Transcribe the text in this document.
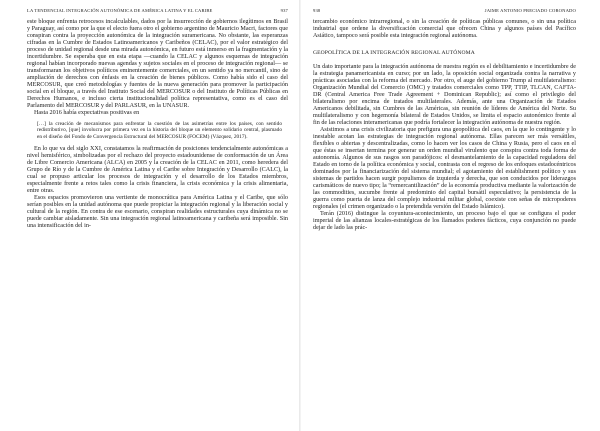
LA TENDENCIAL INTEGRACIÓN AUTONÓMICA DE AMÉRICA LATINA Y EL CARIBE	937

este bloque enfrenta retrocesos incalculables, dados por la insurrección de gobiernos ilegítimos en Brasil y Paraguay, así como por la que el electo fuera otro el gobierno argentino de Mauricio Macri, factores que conspiran contra la proyección autonómica de la integración suramericana. No obstante, las esperanzas cifradas en la Cumbre de Estados Latinoamericanos y Caribeños (CELAC), por el valor estratégico del proceso de unidad regional desde una mirada autonómica, en futuro está inmerso en la fragmentación y la incertidumbre. Se esperaba que en esta etapa —cuando la CELAC y algunos esquemas de integración regional habían incorporado nuevas agendas y sujetos sociales en el proceso de integración regional— se transformaran los objetivos políticos eminentemente comerciales, en un sentido ya no mercantil, sino de ampliación de derechos con énfasis en la creación de bienes públicos. Como había sido el caso del MERCOSUR, que creó metodologías y fuentes de la nueva generación para promover la participación social en el bloque, a través del Instituto Social del MERCOSUR o del Instituto de Políticas Públicas en Derechos Humanos, e incluso cierta institucionalidad política representativa, como es el caso del Parlamento del MERCOSUR y del PARLASUR, en la UNASUR.

Hasta 2016 había expectativas positivas en

[…] la creación de mecanismos para enfrentar la cuestión de las asimetrías entre los países, con sentido redistributivo, [que] involucra por primera vez en la historia del bloque un elemento solidario central, plasmado en el diseño del Fondo de Convergencia Estructural del MERCOSUR (FOCEM) (Vázquez, 2017).

En lo que va del siglo XXI, constatamos la reafirmación de posiciones tendencialmente autonómicas a nivel hemisférico, simbolizadas por el rechazo del proyecto estadounidense de conformación de un Área de Libre Comercio Americana (ALCA) en 2005 y la creación de la CELAC en 2011, como heredera del Grupo de Río y de la Cumbre de América Latina y el Caribe sobre Integración y Desarrollo (CALC), la cual se propuso articular los procesos de integración y el desarrollo de los Estados miembros, especialmente frente a retos tales como la crisis financiera, la crisis económica y la crisis alimentaria, entre otras.

Esos espacios promovieron una vertiente de monocrática para América Latina y el Caribe, que sólo serían posibles en la unidad autónoma que puede propiciar la integración regional y la liberación social y cultural de la región. En contra de ese escenario, conspiran realidades estructurales cuya dinámica no se puede cambiar aisladamente. Sin una integración regional latinoamericana y caribeña será imposible. Sin una intensificación del in-

938	JAIME ANTONIO PRECIADO CORONADO

tercambio económico intrarregional, o sin la creación de políticas públicas comunes, o sin una política industrial que ordene la diversificación comercial que ofrecen China y algunos países del Pacífico Asiático, tampoco será posible esta integración regional autónoma.

GEOPOLÍTICA DE LA INTEGRACIÓN REGIONAL AUTÓNOMA

Un dato importante para la integración autónoma de nuestra región es el debilitamiento e incertidumbre de la estrategia panamericanista en curso; por un lado, la oposición social organizada contra la narrativa y prácticas asociadas con la reforma del mercado. Por otro, el auge del gobierno Trump al multilateralismo: Organización Mundial del Comercio (OMC) y tratados comerciales como TPP, TTIP, TLCAN, CAFTA-DR (Central America Free Trade Agreement + Dominican Republic); así como el privilegio del bilateralismo por encima de tratados multilaterales. Además, ante una Organización de Estados Americanos debilitada, sin Cumbres de las Américas, sin reunión de líderes de América del Norte. Su multilateralismo y con hegemonía bilateral de Estados Unidos, se limita el espacio autonómico frente al fin de las relaciones interamericanas que podría fortalecer la integración autónoma de nuestra región.

Asistimos a una crisis civilizatoria que prefigura una geopolítica del caos, en la que lo contingente y lo inestable acotan las estrategias de integración regional autónoma. Ellas parecen ser más versátiles, flexibles o abiertas y descentralizadas, como lo hacen ver los casos de China y Rusia, pero el caos en el que éstas se insertan termina por generar un orden mundial virulento que conspira contra toda forma de autonomía. Algunos de sus rasgos son paradójicos: el desmantelamiento de la capacidad reguladora del Estado en torno de la política económica y social, contrasta con el regreso de los enfoques estadocéntricos dominados por la financiarización del sistema mundial; el agotamiento del establishment político y sus sistemas de partidos hacen surgir populismos de izquierda y derecha, que son conducidos por liderazgos carismáticos de nuevo tipo; la “remercantilización” de la economía productiva mediante la valorización de las commodities, sucumbe frente al predominio del capital bursátil especulativo; la persistencia de la guerra como puerta de lanza del complejo industrial militar global, coexiste con señas de micropoderes regionales (el crimen organizado o la pretendida versión del Estado Islámico).

Terán (2016) distingue la coyuntura-acontecimiento, un proceso bajo el que se configura el poder imperial de las alianzas locales-estratégicas de los llamados poderes fácticos, cuya conjunción no puede dejar de lado las prác-
